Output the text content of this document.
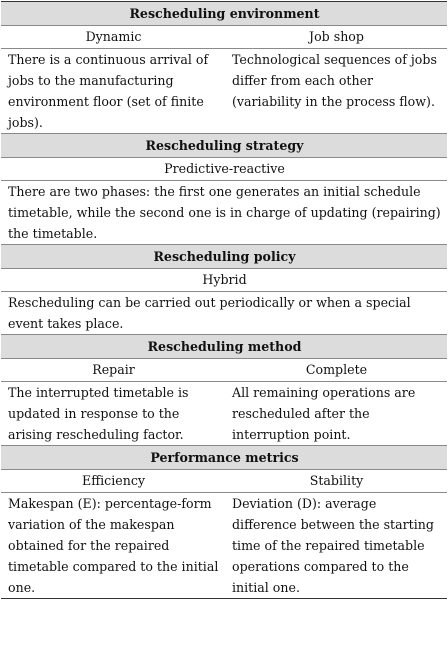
Rescheduling environment	
Dynamic	Job shop
There is a continuous arrival of jobs to the manufacturing environment floor (set of finite jobs).	Technological sequences of jobs differ from each other (variability in the process flow).
Rescheduling strategy	
Predictive-reactive	
There are two phases: the first one generates an initial schedule timetable, while the second one is in charge of updating (repairing) the timetable.	
Rescheduling policy	
Hybrid	
Rescheduling can be carried out periodically or when a special event takes place.	
Rescheduling method	
Repair	Complete
The interrupted timetable is updated in response to the arising rescheduling factor.	All remaining operations are rescheduled after the interruption point.
Performance metrics	
Efficiency	Stability
Makespan (E): percentage-form variation of the makespan obtained for the repaired timetable compared to the initial one.	Deviation (D): average difference between the starting time of the repaired timetable operations compared to the initial one.
